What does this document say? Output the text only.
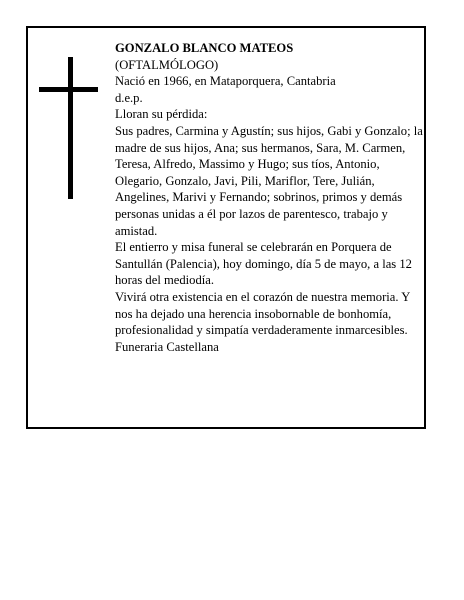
GONZALO BLANCO MATEOS
(OFTALMÓLOGO)
Nació en 1966, en Mataporquera, Cantabria
d.e.p.
Lloran su pérdida:
Sus padres, Carmina y Agustín; sus hijos, Gabi y Gonzalo; la madre de sus hijos, Ana; sus hermanos, Sara, M. Carmen, Teresa, Alfredo, Massimo y Hugo; sus tíos, Antonio, Olegario, Gonzalo, Javi, Pili, Mariflor, Tere, Julián, Angelines, Marivi y Fernando; sobrinos, primos y demás personas unidas a él por lazos de parentesco, trabajo y amistad.
El entierro y misa funeral se celebrarán en Porquera de Santullán (Palencia), hoy domingo, día 5 de mayo, a las 12 horas del mediodía.
Vivirá otra existencia en el corazón de nuestra memoria. Y nos ha dejado una herencia insobornable de bonhomía, profesionalidad y simpatía verdaderamente inmarcesibles.
Funeraria Castellana
